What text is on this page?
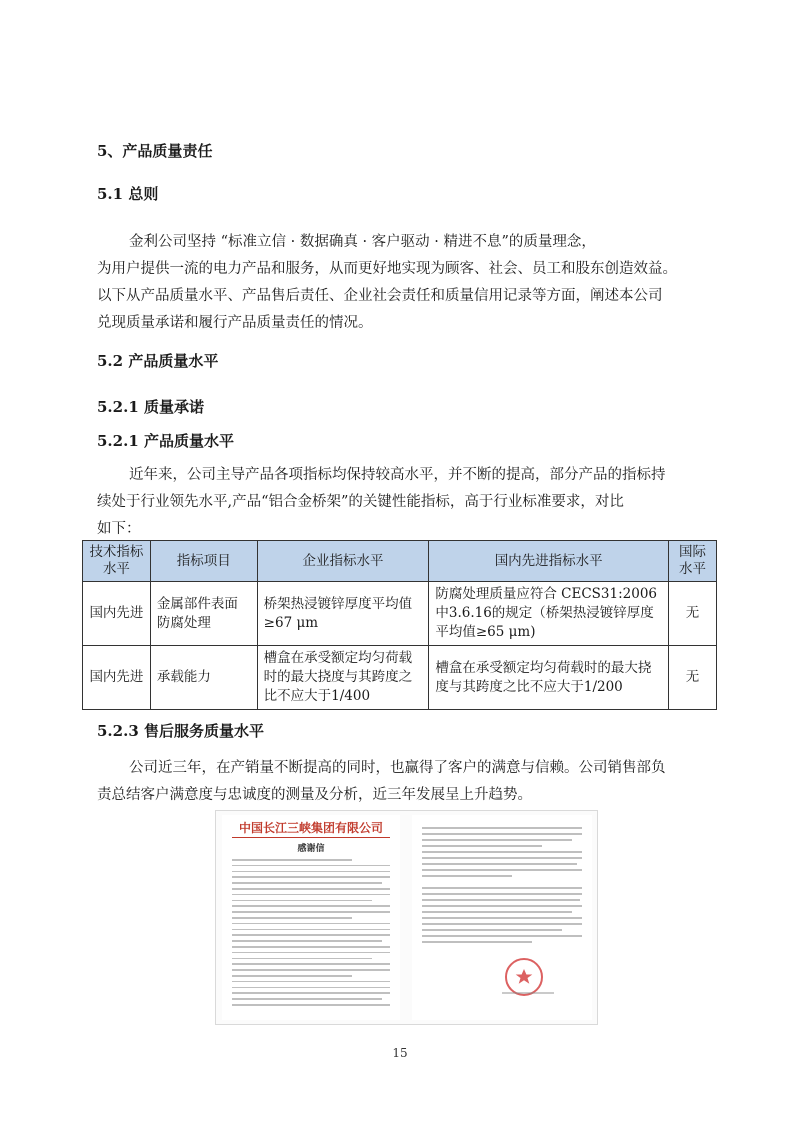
5、产品质量责任
5.1 总则
金利公司坚持 “标准立信 · 数据确真 · 客户驱动 · 精进不息”的质量理念，
为用户提供一流的电力产品和服务，从而更好地实现为顾客、社会、员工和股东创造效益。
以下从产品质量水平、产品售后责任、企业社会责任和质量信用记录等方面，阐述本公司
兑现质量承诺和履行产品质量责任的情况。
5.2 产品质量水平
5.2.1 质量承诺
5.2.1 产品质量水平
近年来，公司主导产品各项指标均保持较高水平，并不断的提高，部分产品的指标持
续处于行业领先水平,产品“铝合金桥架”的关键性能指标，高于行业标准要求，对比
如下：
技术指标水平	指标项目	企业指标水平	国内先进指标水平	国际水平
国内先进	金属部件表面防腐处理	桥架热浸镀锌厚度平均值≥67 μm	防腐处理质量应符合 CECS31:2006中3.6.16的规定（桥架热浸镀锌厚度平均值≥65 μm)	无
国内先进	承载能力	槽盒在承受额定均匀荷载时的最大挠度与其跨度之比不应大于1/400	槽盒在承受额定均匀荷载时的最大挠度与其跨度之比不应大于1/200	无
5.2.3 售后服务质量水平
公司近三年，在产销量不断提高的同时，也赢得了客户的满意与信赖。公司销售部负
责总结客户满意度与忠诚度的测量及分析，近三年发展呈上升趋势。
中国长江三峡集团有限公司
感谢信
15
